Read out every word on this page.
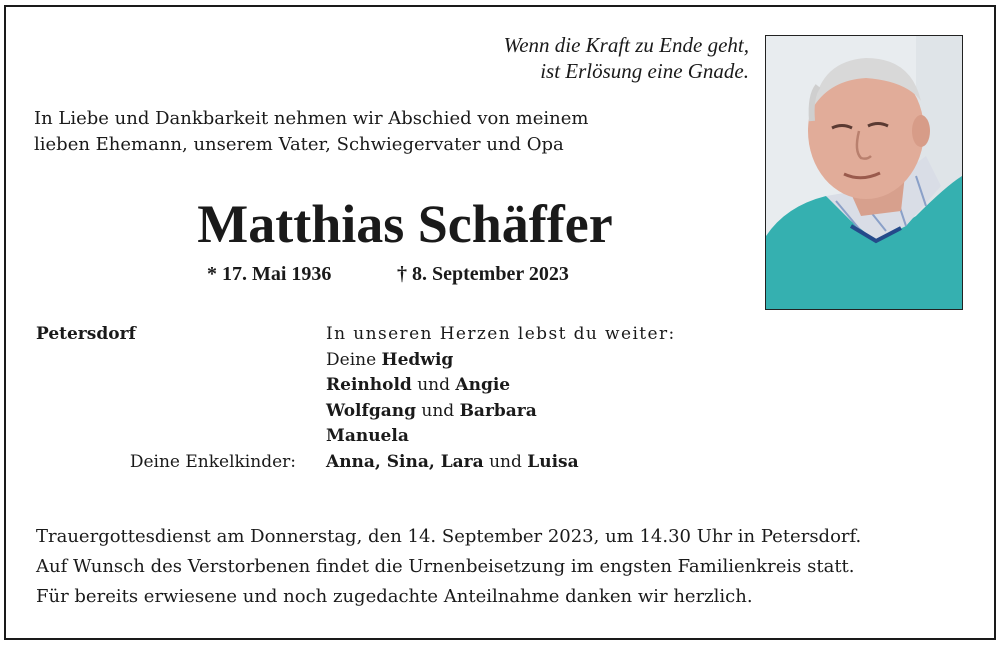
Wenn die Kraft zu Ende geht,
ist Erlösung eine Gnade.
In Liebe und Dankbarkeit nehmen wir Abschied von meinem
lieben Ehemann, unserem Vater, Schwiegervater und Opa
Matthias Schäffer
* 17. Mai 1936	† 8. September 2023
Petersdorf	In unseren Herzen lebst du weiter:
Deine Hedwig
Reinhold und Angie
Wolfgang und Barbara
Manuela
Anna, Sina, Lara und Luisa
Deine Enkelkinder:
Trauergottesdienst am Donnerstag, den 14. September 2023, um 14.30 Uhr in Petersdorf.
Auf Wunsch des Verstorbenen findet die Urnenbeisetzung im engsten Familienkreis statt.
Für bereits erwiesene und noch zugedachte Anteilnahme danken wir herzlich.
